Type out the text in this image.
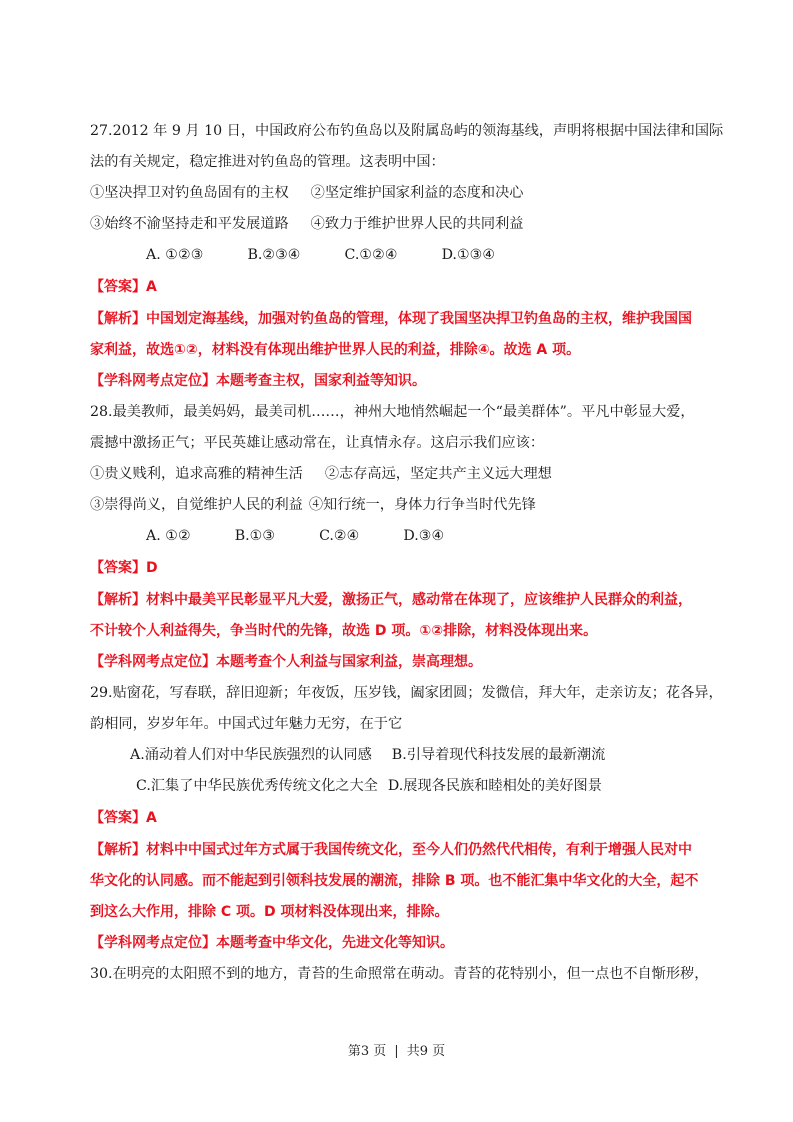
27.2012 年 9 月 10 日，中国政府公布钓鱼岛以及附属岛屿的领海基线，声明将根据中国法律和国际
法的有关规定，稳定推进对钓鱼岛的管理。这表明中国：
①坚决捍卫对钓鱼岛固有的主权 ②坚定维护国家利益的态度和决心
③始终不渝坚持走和平发展道路 ④致力于维护世界人民的共同利益
A. ①②③	B.②③④	C.①②④	D.①③④
【答案】A
【解析】中国划定海基线，加强对钓鱼岛的管理，体现了我国坚决捍卫钓鱼岛的主权，维护我国国
家利益，故选①②，材料没有体现出维护世界人民的利益，排除④。故选 A 项。
【学科网考点定位】本题考查主权，国家利益等知识。
28.最美教师，最美妈妈，最美司机……，神州大地悄然崛起一个“最美群体”。平凡中彰显大爱，
震撼中激扬正气；平民英雄让感动常在，让真情永存。这启示我们应该：
①贵义贱利，追求高雅的精神生活 ②志存高远，坚定共产主义远大理想
③崇得尚义，自觉维护人民的利益 ④知行统一，身体力行争当时代先锋
A. ①②	B.①③	C.②④	D.③④
【答案】D
【解析】材料中最美平民彰显平凡大爱，激扬正气，感动常在体现了，应该维护人民群众的利益，
不计较个人利益得失，争当时代的先锋，故选 D 项。①②排除，材料没体现出来。
【学科网考点定位】本题考查个人利益与国家利益，崇高理想。
29.贴窗花，写春联，辞旧迎新；年夜饭，压岁钱，阖家团圆；发微信，拜大年，走亲访友；花各异，
韵相同，岁岁年年。中国式过年魅力无穷，在于它
A.涌动着人们对中华民族强烈的认同感 B.引导着现代科技发展的最新潮流
C.汇集了中华民族优秀传统文化之大全 D.展现各民族和睦相处的美好图景
【答案】A
【解析】材料中中国式过年方式属于我国传统文化，至今人们仍然代代相传，有利于增强人民对中
华文化的认同感。而不能起到引领科技发展的潮流，排除 B 项。也不能汇集中华文化的大全，起不
到这么大作用，排除 C 项。D 项材料没体现出来，排除。
【学科网考点定位】本题考查中华文化，先进文化等知识。
30.在明亮的太阳照不到的地方，青苔的生命照常在萌动。青苔的花特别小，但一点也不自惭形秽，
第3 页 | 共9 页
